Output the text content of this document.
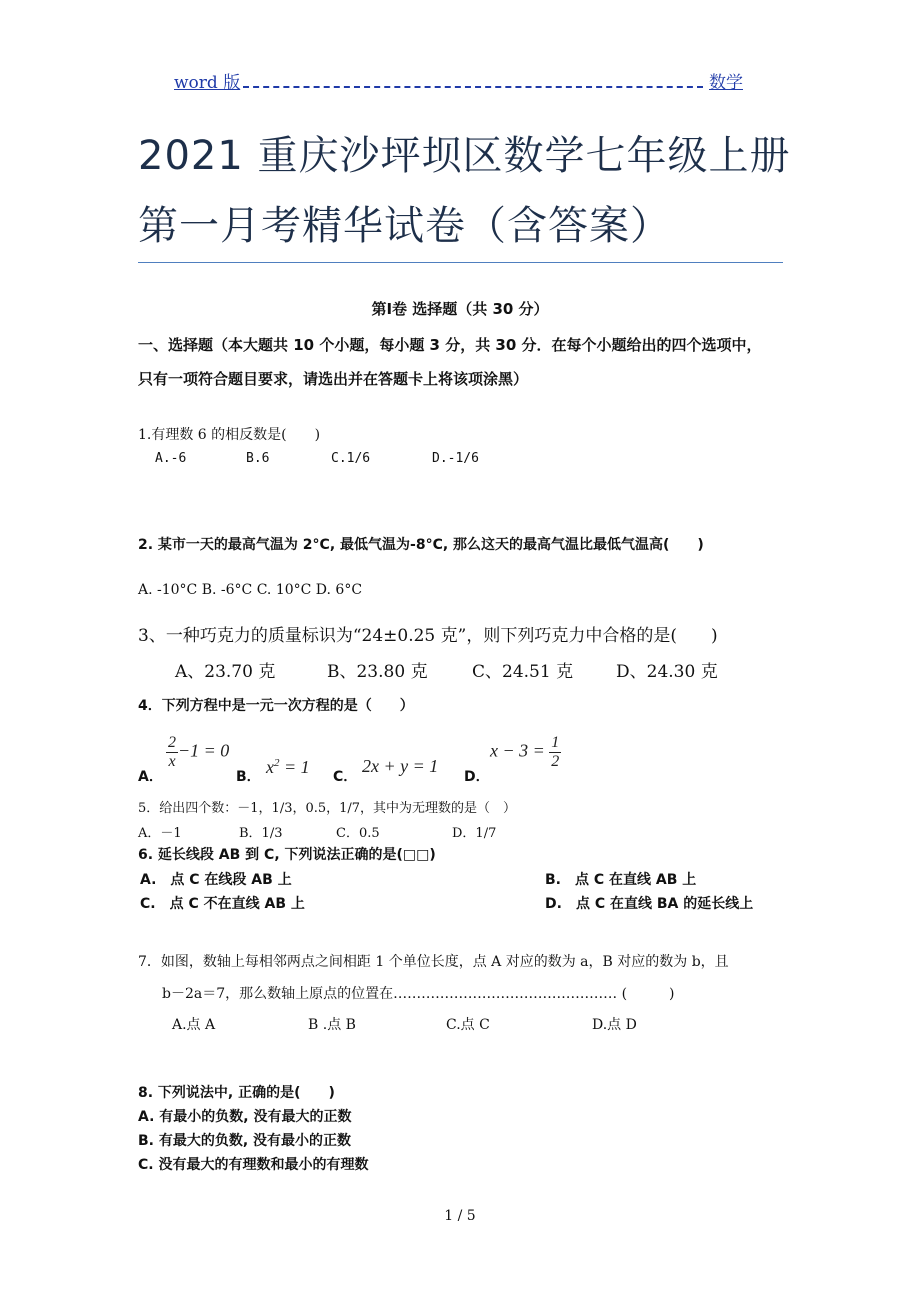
word 版	数学
2021 重庆沙坪坝区数学七年级上册
第一月考精华试卷（含答案）
第Ⅰ卷 选择题（共 30 分）
一、选择题（本大题共 10 个小题，每小题 3 分，共 30 分．在每个小题给出的四个选项中，
只有一项符合题目要求，请选出并在答题卡上将该项涂黑）
1.有理数 6 的相反数是(　　)
A.-6	B.6	C.1/6	D.-1/6
2. 某市一天的最高气温为 2°C, 最低气温为-8°C, 那么这天的最高气温比最低气温高(　　)
A. -10°C B. -6°C C. 10°C D. 6°C
3、一种巧克力的质量标识为“24±0.25 克”，则下列巧克力中合格的是(　　)
A、23.70 克	B、23.80 克	C、24.51 克	D、24.30 克
4．下列方程中是一元一次方程的是（　　）
A．
$\frac{2}{x} -1 = 0$
B． $x^2 = 1$ C．
2x + y = 1
D．
$x - 3 = \frac{1}{2}$
5．给出四个数：－1，1/3，0.5，1/7，其中为无理数的是（　）
A．－1	B．1/3	C．0.5	D．1/7
6. 延长线段 AB 到 C, 下列说法正确的是(□□)
A.　点 C 在线段 AB 上	B.　点 C 在直线 AB 上
C.　点 C 不在直线 AB 上	D.　点 C 在直线 BA 的延长线上
7．如图，数轴上每相邻两点之间相距 1 个单位长度，点 A 对应的数为 a，B 对应的数为 b，且
b－2a＝7，那么数轴上原点的位置在………………………………………… (　　　)
A.点 A	B .点 B	C.点 C	D.点 D
8. 下列说法中, 正确的是(　　)
A. 有最小的负数, 没有最大的正数
B. 有最大的负数, 没有最小的正数
C. 没有最大的有理数和最小的有理数
1 / 5
